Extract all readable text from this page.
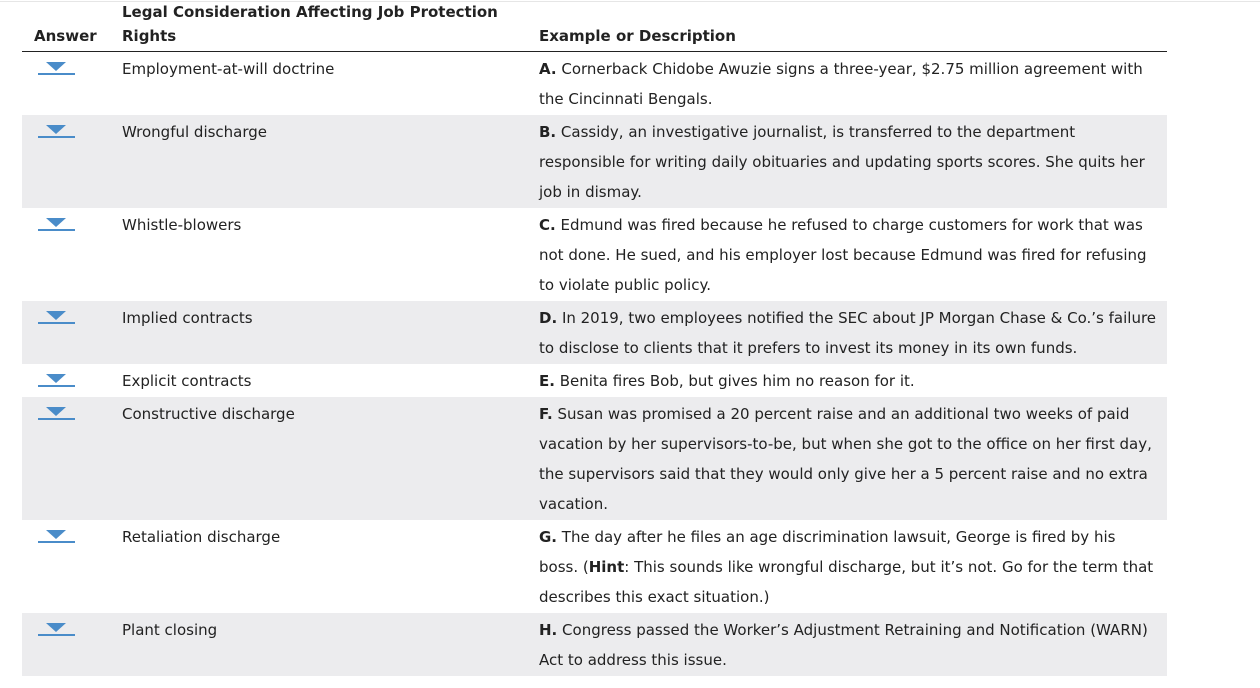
Answer	Legal Consideration Affecting Job Protection Rights	Example or Description

	Employment-at-will doctrine	A. Cornerback Chidobe Awuzie signs a three-year, $2.75 million agreement with the Cincinnati Bengals.

	Wrongful discharge	B. Cassidy, an investigative journalist, is transferred to the department responsible for writing daily obituaries and updating sports scores. She quits her job in dismay.

	Whistle-blowers	C. Edmund was fired because he refused to charge customers for work that was not done. He sued, and his employer lost because Edmund was fired for refusing to violate public policy.

	Implied contracts	D. In 2019, two employees notified the SEC about JP Morgan Chase & Co.’s failure to disclose to clients that it prefers to invest its money in its own funds.

	Explicit contracts	E. Benita fires Bob, but gives him no reason for it.

	Constructive discharge	F. Susan was promised a 20 percent raise and an additional two weeks of paid vacation by her supervisors-to-be, but when she got to the office on her first day, the supervisors said that they would only give her a 5 percent raise and no extra vacation.

	Retaliation discharge	G. The day after he files an age discrimination lawsuit, George is fired by his boss. (Hint: This sounds like wrongful discharge, but it’s not. Go for the term that describes this exact situation.)

	Plant closing	H. Congress passed the Worker’s Adjustment Retraining and Notification (WARN) Act to address this issue.
